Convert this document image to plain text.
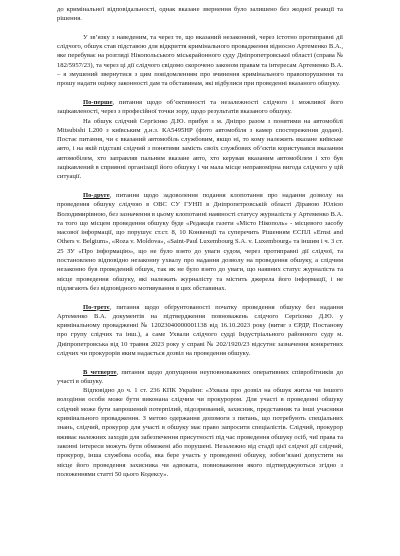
до кримінальної відповідальності, однак вказане звернення було залишено без жодної реакції та рішення.

У зв’язку з наведеним, та через те, що вказаний незаконний, через істотно протиправні дії слідчого, обшук став підставою для відкриття кримінального провадження відносно Артеменко В.А., яке перебуває на розгляді Нікопольського міськрайонного суду Дніпропетровської області (справа № 182/5957/23), та через ці дії слідчого свідомо скорочено законом правам та інтересам Артеменко В.А. – я змушений звернутися з цим повідомленням про вчинення кримінального правопорушення та прошу надати оцінку законності дам та обставинам, які відбулися при проведенні вказаного обшуку.

По-перше, питання щодо об’єктивності та незалежності слідчого і можливої його зацікавленості, через з професійної точки зору, щодо результатів вказаного обшуку.

На обшук слідчий Сергієнко Д.Ю. прибув з м. Дніпро разом з понятими на автомобілі Mitsubishi L200 з київським д.н.з. КА5495НР (фото автомобіля з камер спостереження додаю). Постає питання, чи є вказаний автомобіль службовим, якщо ні, то кому належить вказане київське авто, і на якій підставі слідчий з понятими замість своїх службових об’єктів користувався вказаним автомобілем, хто заправляв пальним вказане авто, хто керував вказаним автомобілем і хто був зацікавлений в сприянні організації його обшуку і чи мала місце неправомірна вигода слідчого у цій ситуації.

По-друге, питання щодо задоволення подання клопотання про надання дозволу на проведення обшуку слідчою в ОВС СУ ГУНП в Дніпропетровській області Діравою Юлією Володимирівною, без зазначення в цьому клопотанні наявності статусу журналіста у Артеменко В.А. та того що місцем проведення обшуку буде «Редакція газети «Місто Нікополь» - місцевого засобу масової інформації, що порушує ст.ст. 8, 10 Конвенції та суперечить Рішенням ЄСПЛ «Ernst and Others v. Belgium», «Roza v. Moldova», «Saint-Paul Luxembourg S.A. v. Luxembourg» та іншим і ч. 3 ст. 25 ЗУ «Про інформацію», що не було взято до уваги судом, через протиправні дії слідчої, та постановлено відповідно незаконну ухвалу про надання дозволу на проведення обшуку, а слідчим незаконно був проведений обшук, так як не було взято до уваги, що наявних статус журналіста та місце проведення обшуку, які належать журналісту та містить джерела його інформації, і не підлягають без відповідного мотивування в цих обставинах.

По-третє, питання щодо обґрунтованості початку проведення обшуку без надання Артеменко В.А. документів на підтвердження повноважень слідчого Сергієнко Д.Ю. у кримінальному провадженні № 12023040000001138 від 16.10.2023 року (витяг з ЄРДР, Постанову про групу слідчих та інш.), а саме Ухвали слідчого судді Індустріального районного суду м. Дніпропетровська від 10 травня 2023 року у справі № 202/1920/23 відсутнє зазначення конкретних слідчих чи прокурорів яким надається дозвіл на проведення обшуку.

В четверте, питання щодо допущення неуповноважених оперативних співробітників до участі в обшуку.

Відповідно до ч. 1 ст. 236 КПК України: «Ухвала про дозвіл на обшук житла чи іншого володіння особи може бути виконана слідчим чи прокурором. Для участі в проведенні обшуку слідчий може бути запрошений потерпілий, підозрюваний, захисник, представник та інші учасники кримінального провадження. З метою одержання допомоги з питань, що потребують спеціальних знань, слідчий, прокурор для участі в обшуку має право запросити спеціалістів. Слідчий, прокурор вживає належних заходів для забезпечення присутності під час проведення обшуку осіб, чиї права та законні інтереси можуть бути обмежені або порушені. Незалежно від стадії цієї слідчої дії слідчий, прокурор, інша службова особа, яка бере участь у проведенні обшуку, зобов’язані допустити на місце його проведення захисника чи адвоката, повноваження якого підтверджуються згідно з положеннями статті 50 цього Кодексу».
